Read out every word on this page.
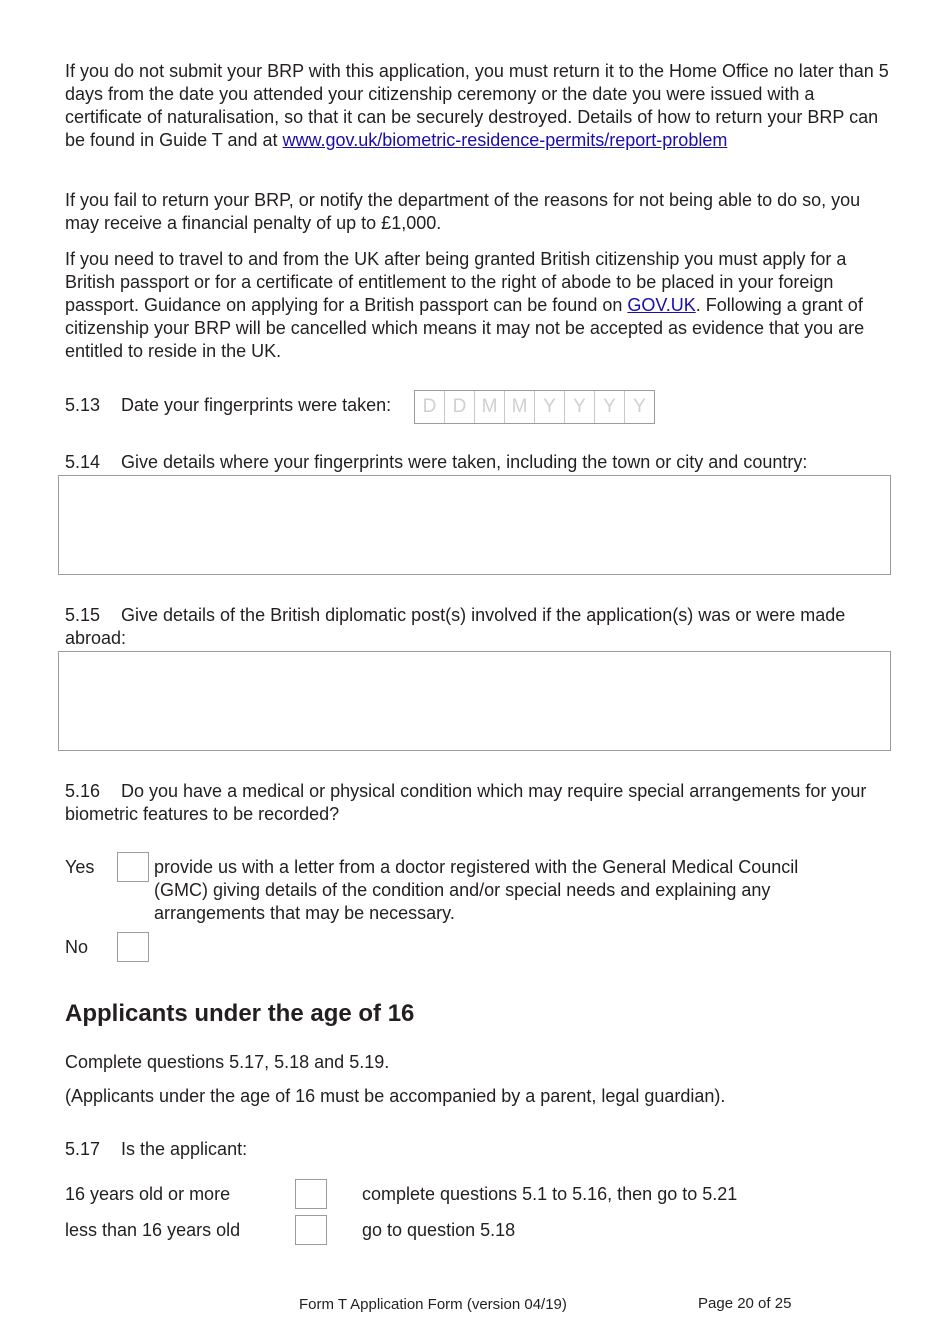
If you do not submit your BRP with this application, you must return it to the Home Office no later than 5 days from the date you attended your citizenship ceremony or the date you were issued with a certificate of naturalisation, so that it can be securely destroyed. Details of how to return your BRP can be found in Guide T and at www.gov.uk/biometric-residence-permits/report-problem

If you fail to return your BRP, or notify the department of the reasons for not being able to do so, you may receive a financial penalty of up to £1,000.

If you need to travel to and from the UK after being granted British citizenship you must apply for a British passport or for a certificate of entitlement to the right of abode to be placed in your foreign passport. Guidance on applying for a British passport can be found on GOV.UK. Following a grant of citizenship your BRP will be cancelled which means it may not be accepted as evidence that you are entitled to reside in the UK.

5.13 Date your fingerprints were taken:	D D M M Y Y Y Y
5.14 Give details where your fingerprints were taken, including the town or city and country:
5.15 Give details of the British diplomatic post(s) involved if the application(s) was or were made abroad:
5.16 Do you have a medical or physical condition which may require special arrangements for your biometric features to be recorded?
Yes	provide us with a letter from a doctor registered with the General Medical Council (GMC) giving details of the condition and/or special needs and explaining any arrangements that may be necessary.
No
Applicants under the age of 16

Complete questions 5.17, 5.18 and 5.19.

(Applicants under the age of 16 must be accompanied by a parent, legal guardian).

5.17 Is the applicant:
16 years old or more	complete questions 5.1 to 5.16, then go to 5.21
less than 16 years old	go to question 5.18
Form T Application Form (version 04/19)	Page 20 of 25
